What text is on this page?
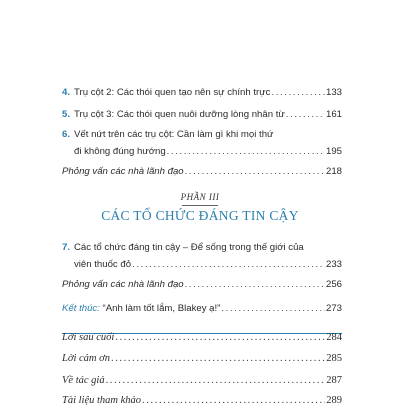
4. Trụ cột 2: Các thói quen tạo nên sự chính trực .....	133
5. Trụ cột 3: Các thói quen nuôi dưỡng lòng nhân từ .....	161
6. Vết nứt trên các trụ cột: Cần làm gì khi mọi thứ
đi không đúng hướng .....	195
Phỏng vấn các nhà lãnh đạo .....	218
PHẦN III
CÁC TỔ CHỨC ĐÁNG TIN CẬY
7. Các tổ chức đáng tin cậy – Để sống trong thế giới của
viên thuốc đỏ .....	233
Phỏng vấn các nhà lãnh đạo .....	256
Kết thúc: “Anh làm tốt lắm, Blakey ạ!” .....	273
Lời sau cuối .....	284
Lời cảm ơn .....	285
Về tác giả .....	287
Tài liệu tham khảo .....	289
